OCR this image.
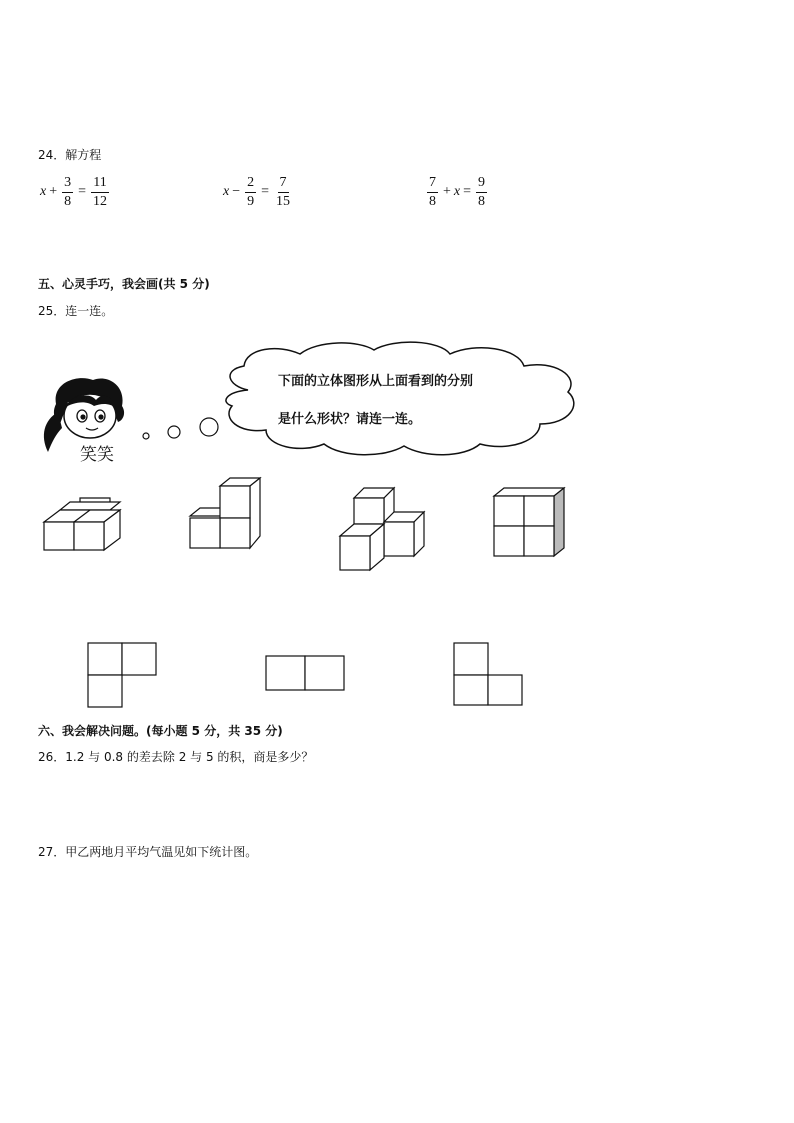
24．解方程
$x + \frac{3}{8} = \frac{11}{12}$	$x - \frac{2}{9} = \frac{7}{15}$	$\frac{7}{8} + x = \frac{9}{8}$
五、心灵手巧，我会画(共 5 分)
25．连一连。
笑笑
下面的立体图形从上面看到的分别
是什么形状？请连一连。
六、我会解决问题。(每小题 5 分，共 35 分)
26．1.2 与 0.8 的差去除 2 与 5 的积，商是多少？
27．甲乙两地月平均气温见如下统计图。
